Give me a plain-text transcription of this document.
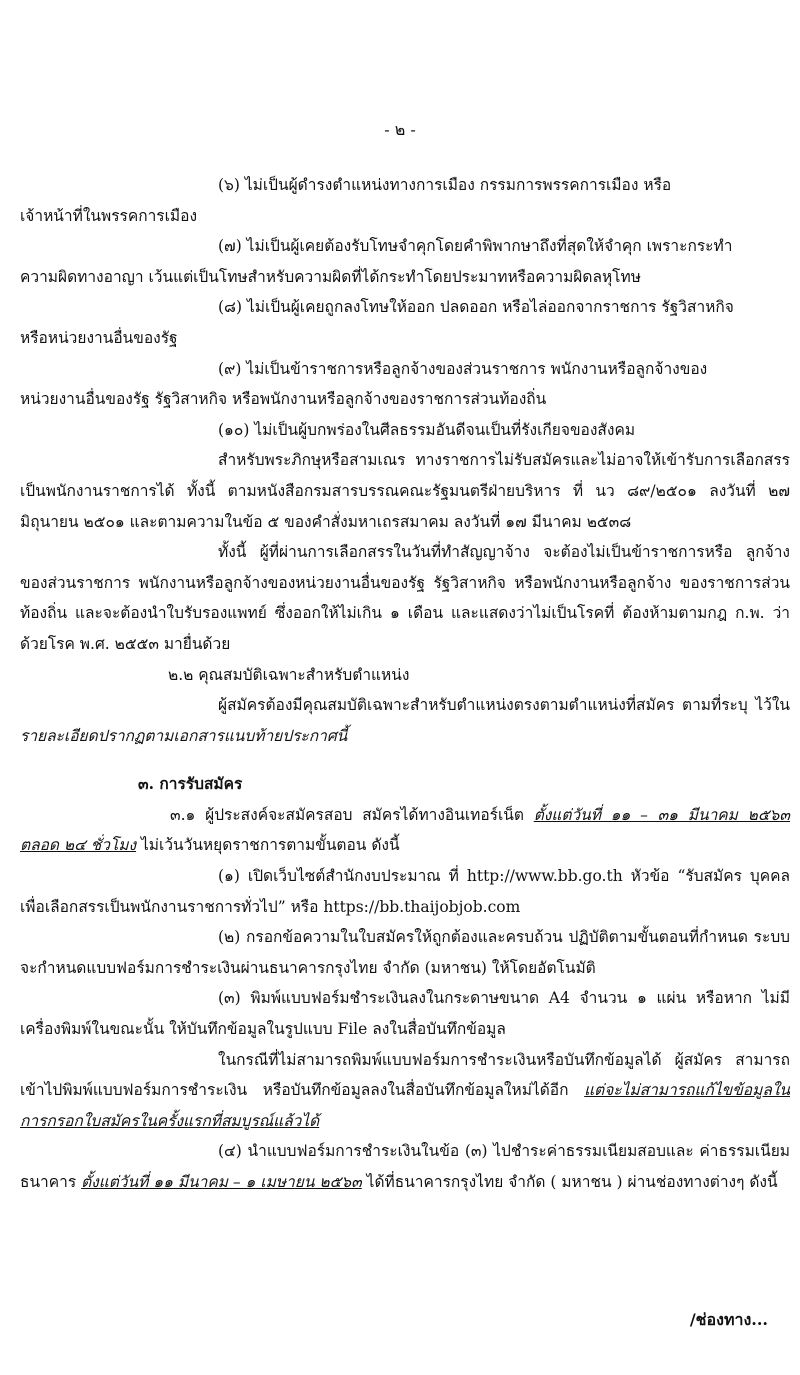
- ๒ -

(๖) ไม่เป็นผู้ดำรงตำแหน่งทางการเมือง กรรมการพรรคการเมือง หรือ

เจ้าหน้าที่ในพรรคการเมือง

(๗) ไม่เป็นผู้เคยต้องรับโทษจำคุกโดยคำพิพากษาถึงที่สุดให้จำคุก เพราะกระทำ

ความผิดทางอาญา เว้นแต่เป็นโทษสำหรับความผิดที่ได้กระทำโดยประมาทหรือความผิดลหุโทษ

(๘) ไม่เป็นผู้เคยถูกลงโทษให้ออก ปลดออก หรือไล่ออกจากราชการ รัฐวิสาหกิจ

หรือหน่วยงานอื่นของรัฐ

(๙) ไม่เป็นข้าราชการหรือลูกจ้างของส่วนราชการ พนักงานหรือลูกจ้างของ

หน่วยงานอื่นของรัฐ รัฐวิสาหกิจ หรือพนักงานหรือลูกจ้างของราชการส่วนท้องถิ่น

(๑๐) ไม่เป็นผู้บกพร่องในศีลธรรมอันดีจนเป็นที่รังเกียจของสังคม

สำหรับพระภิกษุหรือสามเณร ทางราชการไม่รับสมัครและไม่อาจให้เข้ารับการเลือกสรร เป็นพนักงานราชการได้ ทั้งนี้ ตามหนังสือกรมสารบรรณคณะรัฐมนตรีฝ่ายบริหาร ที่ นว ๘๙/๒๕๐๑ ลงวันที่ ๒๗ มิถุนายน ๒๕๐๑ และตามความในข้อ ๕ ของคำสั่งมหาเถรสมาคม ลงวันที่ ๑๗ มีนาคม ๒๕๓๘

ทั้งนี้ ผู้ที่ผ่านการเลือกสรรในวันที่ทำสัญญาจ้าง จะต้องไม่เป็นข้าราชการหรือ ลูกจ้างของส่วนราชการ พนักงานหรือลูกจ้างของหน่วยงานอื่นของรัฐ รัฐวิสาหกิจ หรือพนักงานหรือลูกจ้าง ของราชการส่วนท้องถิ่น และจะต้องนำใบรับรองแพทย์ ซึ่งออกให้ไม่เกิน ๑ เดือน และแสดงว่าไม่เป็นโรคที่ ต้องห้ามตามกฎ ก.พ. ว่าด้วยโรค พ.ศ. ๒๕๕๓ มายื่นด้วย

๒.๒ คุณสมบัติเฉพาะสำหรับตำแหน่ง

ผู้สมัครต้องมีคุณสมบัติเฉพาะสำหรับตำแหน่งตรงตามตำแหน่งที่สมัคร ตามที่ระบุ ไว้ในรายละเอียดปรากฏตามเอกสารแนบท้ายประกาศนี้

๓. การรับสมัคร

๓.๑ ผู้ประสงค์จะสมัครสอบ สมัครได้ทางอินเทอร์เน็ต ตั้งแต่วันที่ ๑๑ – ๓๑ มีนาคม ๒๕๖๓ ตลอด ๒๔ ชั่วโมง ไม่เว้นวันหยุดราชการตามขั้นตอน ดังนี้

(๑) เปิดเว็บไซต์สำนักงบประมาณ ที่ http://www.bb.go.th หัวข้อ “รับสมัคร บุคคลเพื่อเลือกสรรเป็นพนักงานราชการทั่วไป” หรือ https://bb.thaijobjob.com

(๒) กรอกข้อความในใบสมัครให้ถูกต้องและครบถ้วน ปฏิบัติตามขั้นตอนที่กำหนด ระบบจะกำหนดแบบฟอร์มการชำระเงินผ่านธนาคารกรุงไทย จำกัด (มหาชน) ให้โดยอัตโนมัติ

(๓) พิมพ์แบบฟอร์มชำระเงินลงในกระดาษขนาด A4 จำนวน ๑ แผ่น หรือหาก ไม่มีเครื่องพิมพ์ในขณะนั้น ให้บันทึกข้อมูลในรูปแบบ File ลงในสื่อบันทึกข้อมูล

ในกรณีที่ไม่สามารถพิมพ์แบบฟอร์มการชำระเงินหรือบันทึกข้อมูลได้ ผู้สมัคร สามารถเข้าไปพิมพ์แบบฟอร์มการชำระเงิน หรือบันทึกข้อมูลลงในสื่อบันทึกข้อมูลใหม่ได้อีก แต่จะไม่สามารถแก้ไขข้อมูลในการกรอกใบสมัครในครั้งแรกที่สมบูรณ์แล้วได้

(๔) นำแบบฟอร์มการชำระเงินในข้อ (๓) ไปชำระค่าธรรมเนียมสอบและ ค่าธรรมเนียมธนาคาร ตั้งแต่วันที่ ๑๑ มีนาคม – ๑ เมษายน ๒๕๖๓ ได้ที่ธนาคารกรุงไทย จำกัด ( มหาชน ) ผ่านช่องทางต่างๆ ดังนี้

/ช่องทาง...
